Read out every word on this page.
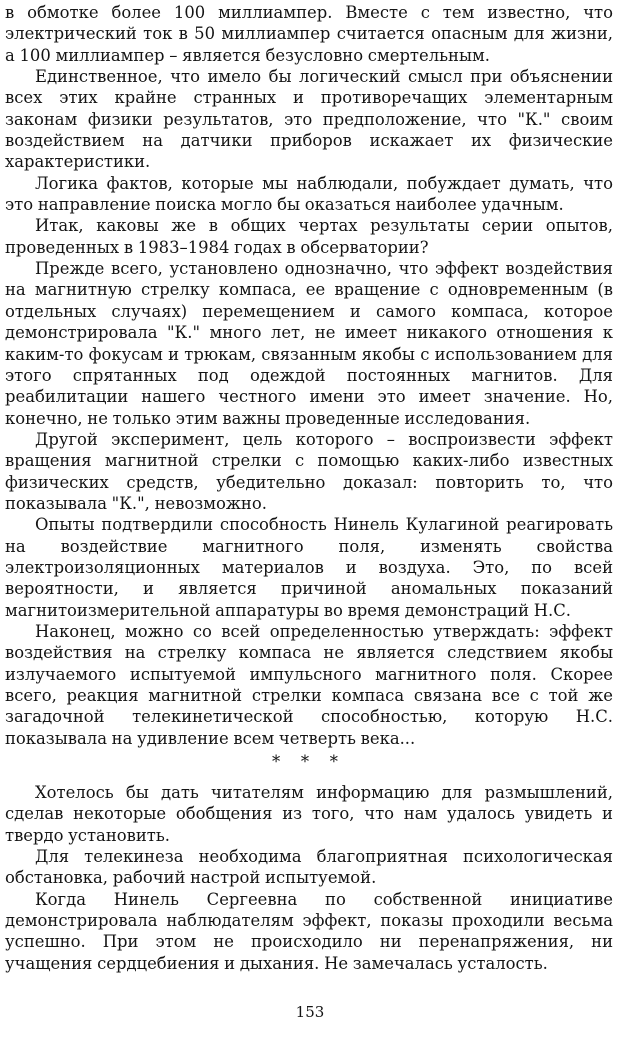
в обмотке более 100 миллиампер. Вместе с тем известно, что электрический ток в 50 миллиампер считается опасным для жизни, а 100 миллиампер – является безусловно смертельным.

Единственное, что имело бы логический смысл при объяснении всех этих крайне странных и противоречащих элементарным законам физики результатов, это предположение, что "К." своим воздействием на датчики приборов искажает их физические характеристики.

Логика фактов, которые мы наблюдали, побуждает думать, что это направление поиска могло бы оказаться наиболее удачным.

Итак, каковы же в общих чертах результаты серии опытов, проведенных в 1983–1984 годах в обсерватории?

Прежде всего, установлено однозначно, что эффект воздействия на магнитную стрелку компаса, ее вращение с одновременным (в отдельных случаях) перемещением и самого компаса, которое демонстрировала "К." много лет, не имеет никакого отношения к каким-то фокусам и трюкам, связанным якобы с использованием для этого спрятанных под одеждой постоянных магнитов. Для реабилитации нашего честного имени это имеет значение. Но, конечно, не только этим важны проведенные исследования.

Другой эксперимент, цель которого – воспроизвести эффект вращения магнитной стрелки с помощью каких-либо известных физических средств, убедительно доказал: повторить то, что показывала "К.", невозможно.

Опыты подтвердили способность Нинель Кулагиной реагировать на воздействие магнитного поля, изменять свойства электроизоляционных материалов и воздуха. Это, по всей вероятности, и является причиной аномальных показаний магнитоизмерительной аппаратуры во время демонстраций Н.С.

Наконец, можно со всей определенностью утверждать: эффект воздействия на стрелку компаса не является следствием якобы излучаемого испытуемой импульсного магнитного поля. Скорее всего, реакция магнитной стрелки компаса связана все с той же загадочной телекинетической способностью, которую Н.С. показывала на удивление всем четверть века...

* * *

Хотелось бы дать читателям информацию для размышлений, сделав некоторые обобщения из того, что нам удалось увидеть и твердо установить.

Для телекинеза необходима благоприятная психологическая обстановка, рабочий настрой испытуемой.

Когда Нинель Сергеевна по собственной инициативе демонстрировала наблюдателям эффект, показы проходили весьма успешно. При этом не происходило ни перенапряжения, ни учащения сердцебиения и дыхания. Не замечалась усталость.

153
